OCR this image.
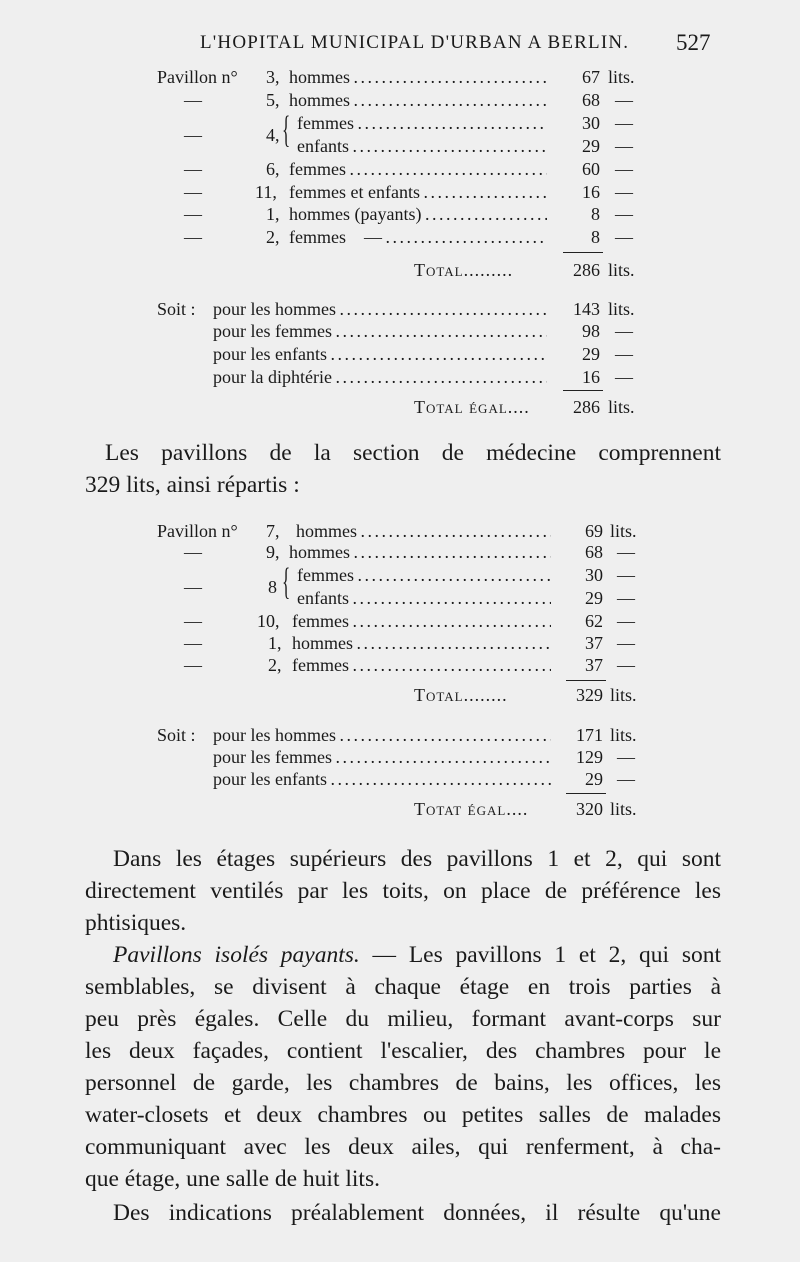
L'HOPITAL MUNICIPAL D'URBAN A BERLIN. 527
Pavillon n° 3, hommes . . .	67 lits.
—	5, hommes . . .	68 —
—	4, { femmes . . .	30 —
enfants . . .	29 —
—	6, femmes . . .	60 —
—	11, femmes et enfants . . .	16 —
—	1, hommes (payants) . . .	8 —
—	2, femmes    — . . .	8 —
Total.........	286 lits.
Soit : pour les hommes . . .	143 lits.
pour les femmes . . .	98 —
pour les enfants . . .	29 —
pour la diphtérie . . .	16 —
Total égal....	286 lits.
Les pavillons de la section de médecine comprennent
329 lits, ainsi répartis :
Pavillon n° 7, hommes . . .	69 lits.
—	9, hommes . . .	68 —
—	8 { femmes . . .	30 —
enfants . . .	29 —
—	10, femmes . . .	62 —
—	1, hommes . . .	37 —
—	2, femmes . . .	37 —
Total........	329 lits.
Soit : pour les hommes . . .	171 lits.
pour les femmes . . .	129 —
pour les enfants . . .	29 —
Totat égal....	320 lits.
Dans les étages supérieurs des pavillons 1 et 2, qui sont
directement ventilés par les toits, on place de préférence les
phtisiques.
Pavillons isolés payants. — Les pavillons 1 et 2, qui sont
semblables, se divisent à chaque étage en trois parties à
peu près égales. Celle du milieu, formant avant-corps sur
les deux façades, contient l'escalier, des chambres pour le
personnel de garde, les chambres de bains, les offices, les
water-closets et deux chambres ou petites salles de malades
communiquant avec les deux ailes, qui renferment, à cha-
que étage, une salle de huit lits.
Des indications préalablement données, il résulte qu'une
